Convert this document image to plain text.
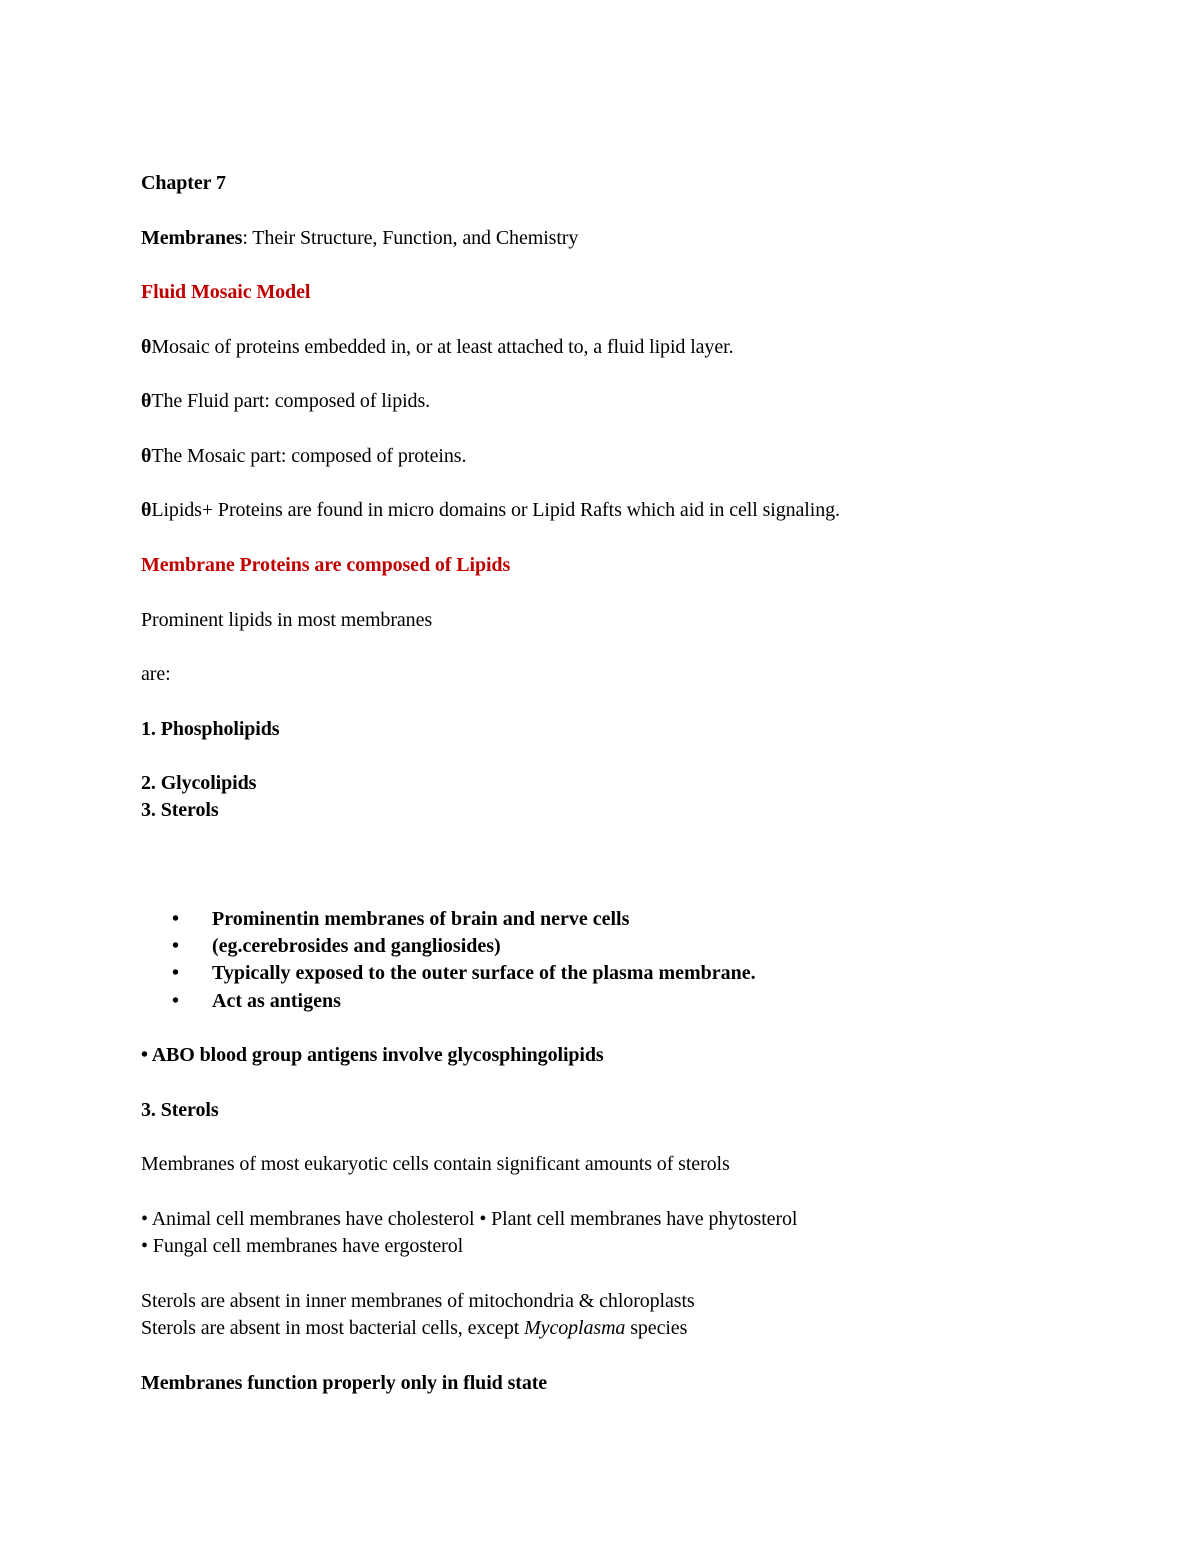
Chapter 7
Membranes: Their Structure, Function, and Chemistry
Fluid Mosaic Model
θMosaic of proteins embedded in, or at least attached to, a fluid lipid layer.
θThe Fluid part: composed of lipids.
θThe Mosaic part: composed of proteins.
θLipids+ Proteins are found in micro domains or Lipid Rafts which aid in cell signaling.
Membrane Proteins are composed of Lipids
Prominent lipids in most membranes
are:
1. Phospholipids
2. Glycolipids
3. Sterols
• Prominentin membranes of brain and nerve cells
• (eg.cerebrosides and gangliosides)
• Typically exposed to the outer surface of the plasma membrane.
• Act as antigens
• ABO blood group antigens involve glycosphingolipids
3. Sterols
Membranes of most eukaryotic cells contain significant amounts of sterols
• Animal cell membranes have cholesterol • Plant cell membranes have phytosterol
• Fungal cell membranes have ergosterol
Sterols are absent in inner membranes of mitochondria & chloroplasts
Sterols are absent in most bacterial cells, except Mycoplasma species
Membranes function properly only in fluid state
